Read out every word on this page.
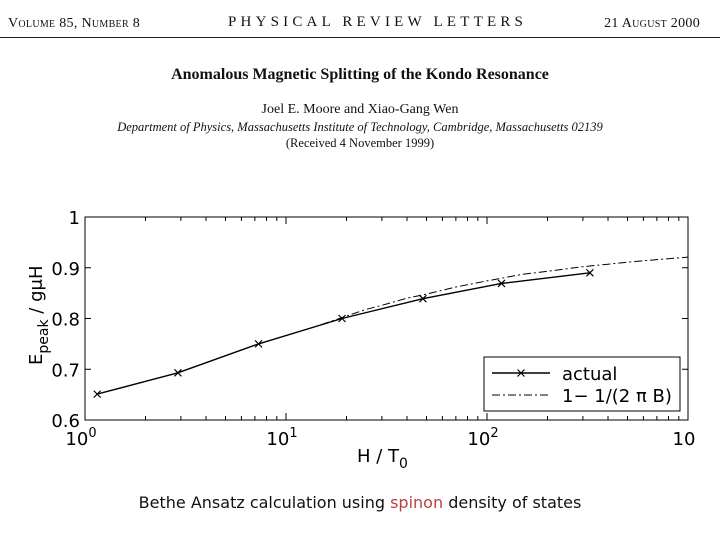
Volume 85, Number 8	PHYSICAL REVIEW LETTERS	21 August 2000
Anomalous Magnetic Splitting of the Kondo Resonance
Joel E. Moore and Xiao-Gang Wen
Department of Physics, Massachusetts Institute of Technology, Cambridge, Massachusetts 02139
(Received 4 November 1999)
0.6
0.7
0.8
0.9
1
$10^0$	$10^1$	$10^2$	10
actual
1− 1/(2 π B)
H / $T_0$
$E_{peak}$ / gμH
Bethe Ansatz calculation using spinon density of states
